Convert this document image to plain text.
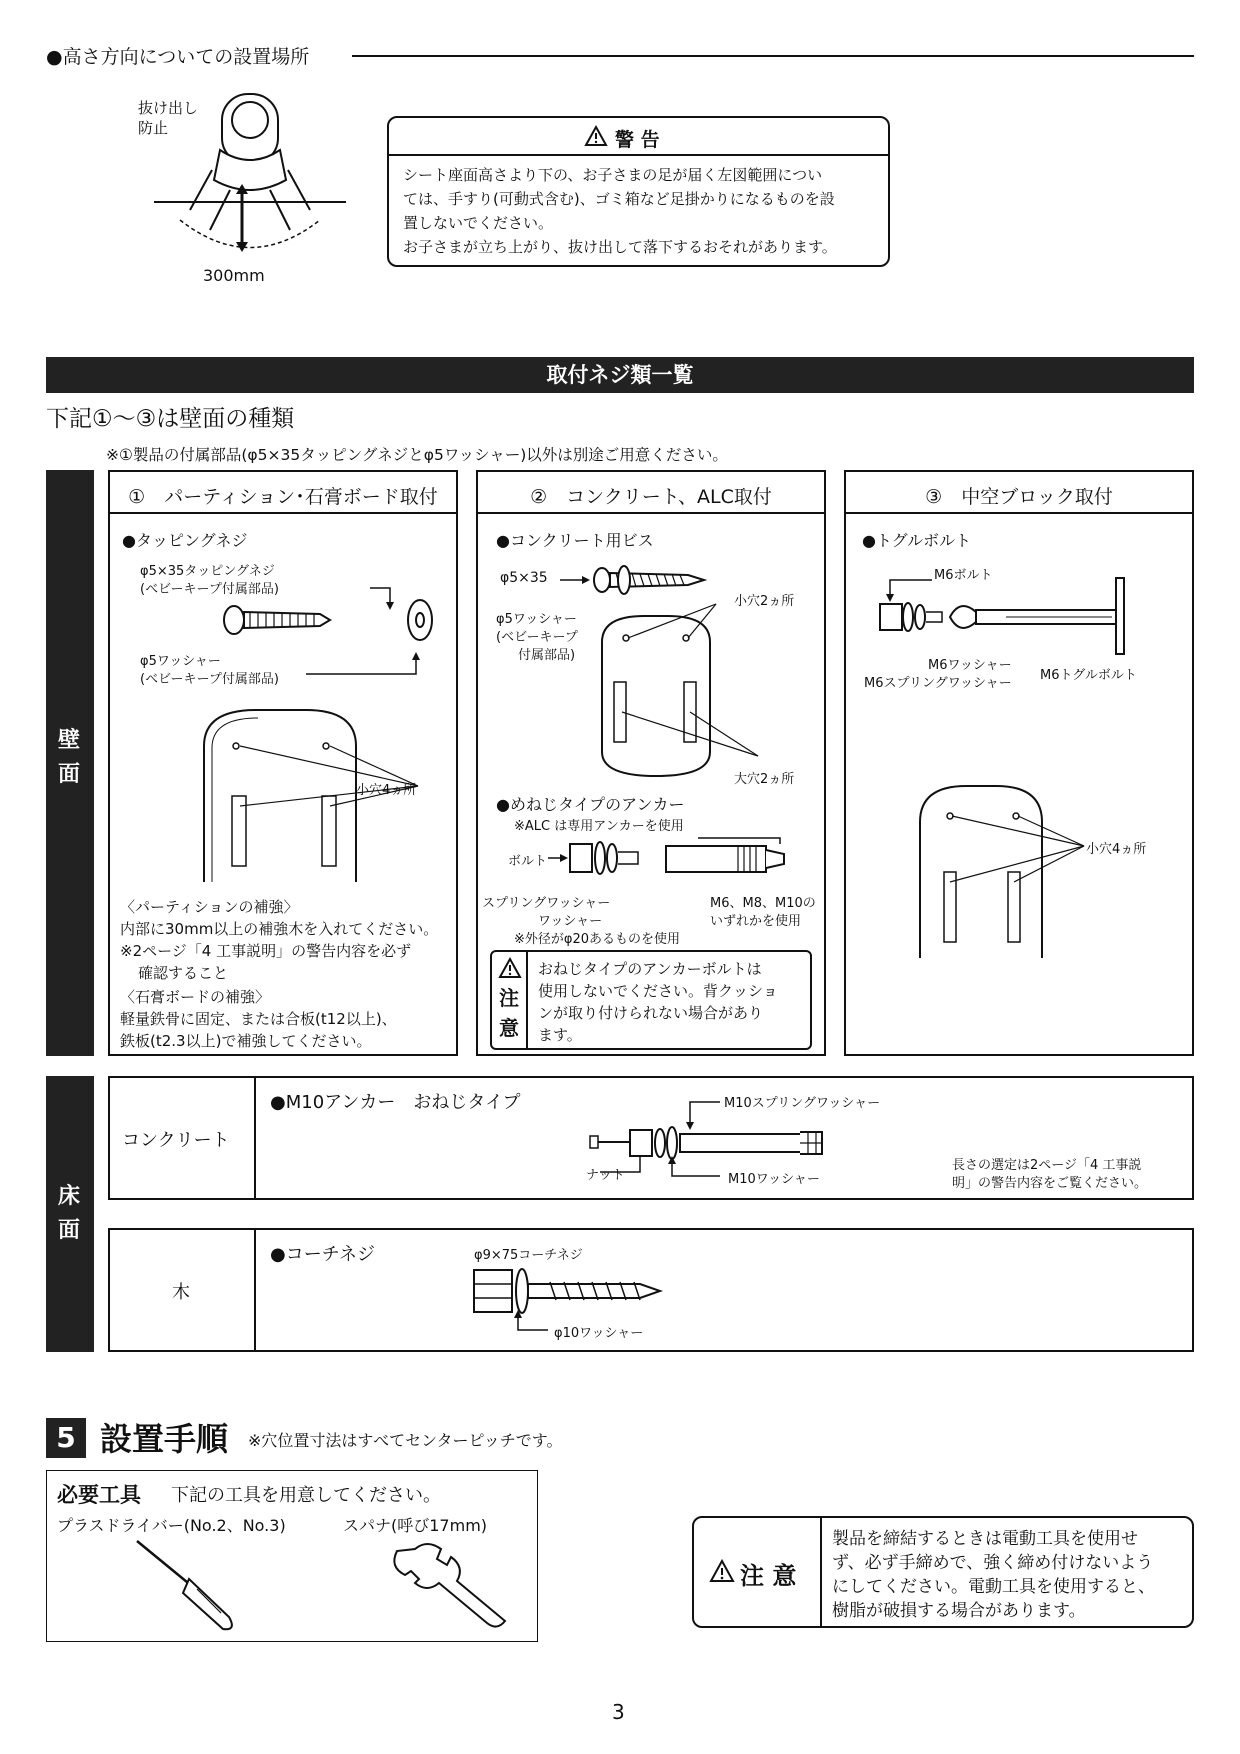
●高さ方向についての設置場所
抜け出し
防止
300mm
警 告
シート座面高さより下の、お子さまの足が届く左図範囲につい
ては、手すり(可動式含む)、ゴミ箱など足掛かりになるものを設
置しないでください。
お子さまが立ち上がり、抜け出して落下するおそれがあります。
取付ネジ類一覧
下記①～③は壁面の種類
※①製品の付属部品(φ5×35タッピングネジとφ5ワッシャー)以外は別途ご用意ください。
壁
面
①　パーティション･石膏ボード取付
●タッピングネジ
φ5×35タッピングネジ
(ベビーキープ付属部品)
φ5ワッシャー
(ベビーキープ付属部品)
小穴4ヵ所
〈パーティションの補強〉
内部に30mm以上の補強木を入れてください。
※2ページ「4 工事説明」の警告内容を必ず
確認すること
〈石膏ボードの補強〉
軽量鉄骨に固定、または合板(t12以上)、
鉄板(t2.3以上)で補強してください。
②　コンクリート、ALC取付
●コンクリート用ビス
φ5×35
φ5ワッシャー
(ベビーキープ
付属部品)
小穴2ヵ所
大穴2ヵ所
●めねじタイプのアンカー
※ALC は専用アンカーを使用
ボルト
スプリングワッシャー
ワッシャー
※外径がφ20あるものを使用
M6、M8、M10の
いずれかを使用
注
意
おねじタイプのアンカーボルトは
使用しないでください。背クッショ
ンが取り付けられない場合があり
ます。
③　中空ブロック取付
●トグルボルト
M6ボルト
M6ワッシャー
M6スプリングワッシャー
M6トグルボルト
小穴4ヵ所
床
面
コンクリート
●M10アンカー　おねじタイプ	M10スプリングワッシャー
ナット	M10ワッシャー
長さの選定は2ページ「4 工事説
明」の警告内容をご覧ください。
木
●コーチネジ	φ9×75コーチネジ
φ10ワッシャー
5 設置手順 ※穴位置寸法はすべてセンターピッチです。
必要工具 下記の工具を用意してください。
プラスドライバー(No.2、No.3)	スパナ(呼び17mm)
注 意
製品を締結するときは電動工具を使用せ
ず、必ず手締めで、強く締め付けないよう
にしてください。電動工具を使用すると、
樹脂が破損する場合があります。
3
